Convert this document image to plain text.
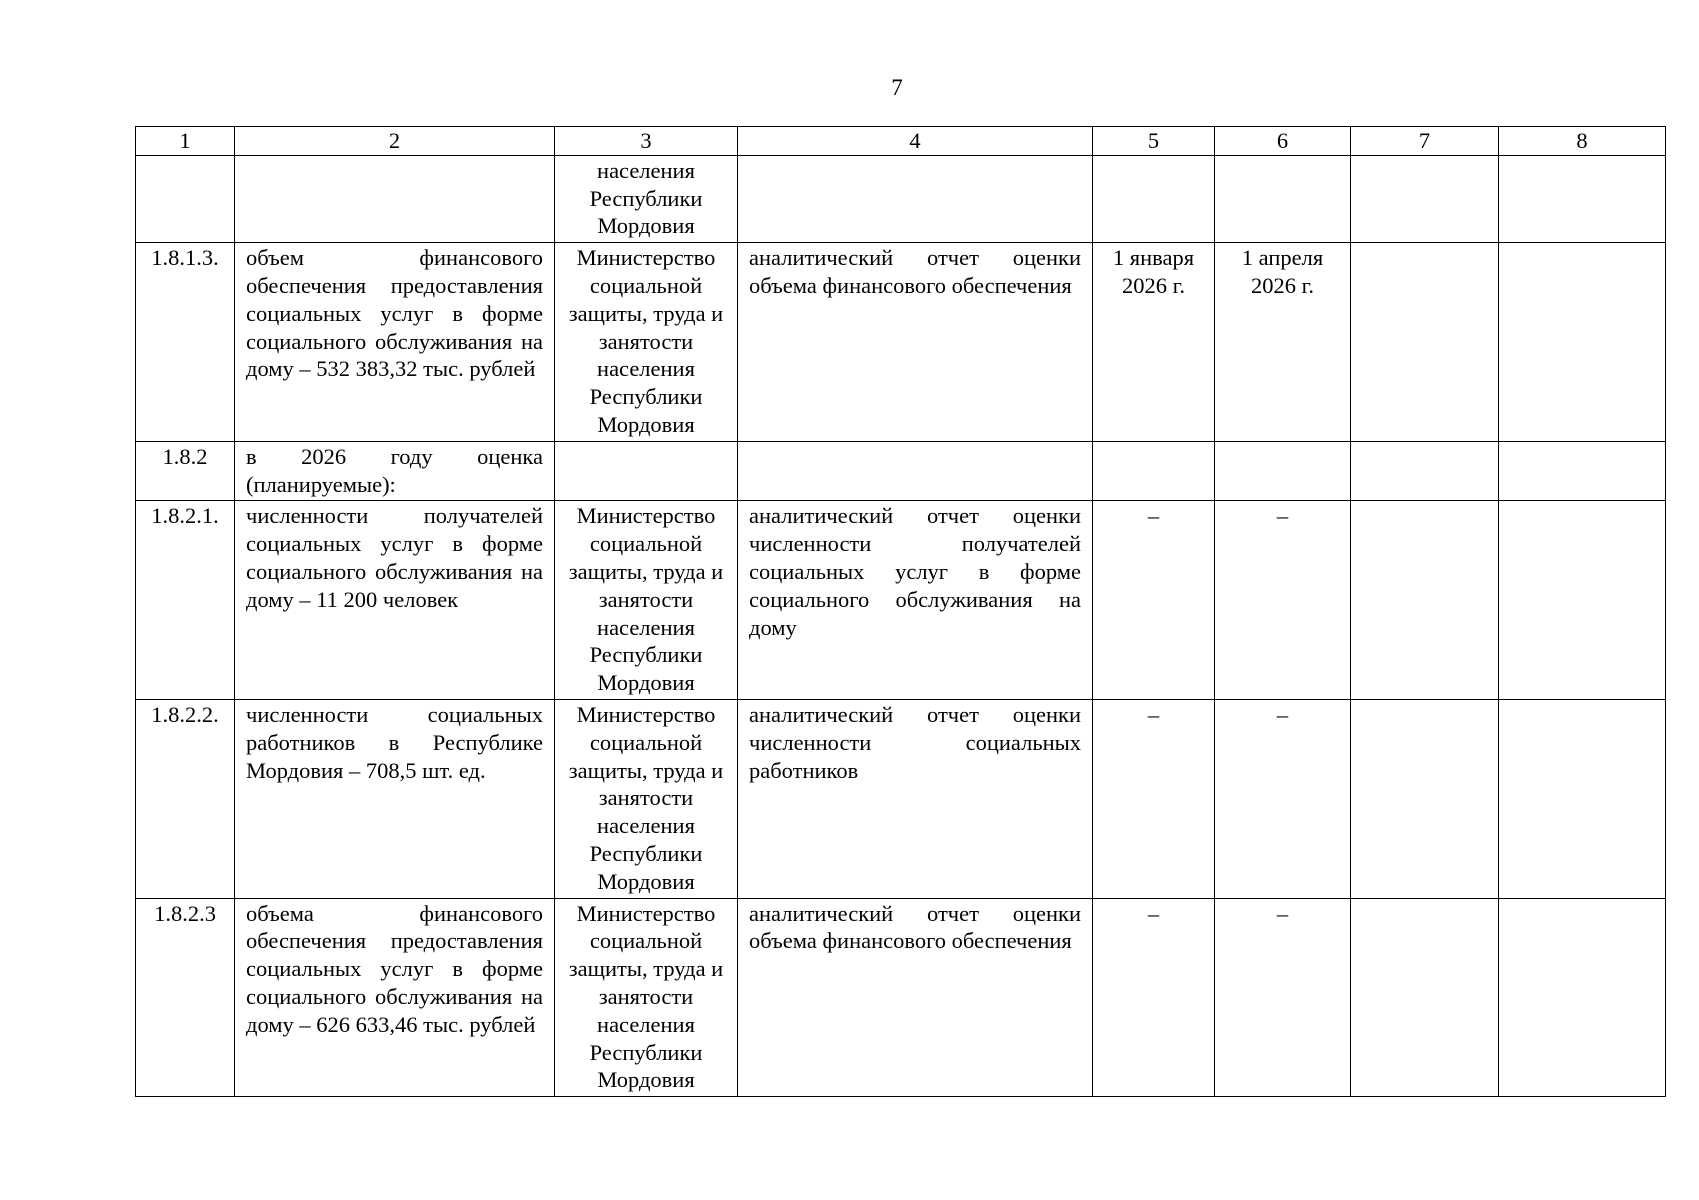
7
1	2	3	4	5	6	7	8
		населения Республики Мордовия					
1.8.1.3.	объем финансового обеспечения предоставления социальных услуг в форме социального обслуживания на дому – 532 383,32 тыс. рублей	Министерство социальной защиты, труда и занятости населения Республики Мордовия	аналитический отчет оценки объема финансового обеспечения	1 января 2026 г.	1 апреля 2026 г.		
1.8.2	в 2026 году оценка (планируемые):						
1.8.2.1.	численности получателей социальных услуг в форме социального обслуживания на дому – 11 200 человек	Министерство социальной защиты, труда и занятости населения Республики Мордовия	аналитический отчет оценки численности получателей социальных услуг в форме социального обслуживания на дому	–	–		
1.8.2.2.	численности социальных работников в Республике Мордовия – 708,5 шт. ед.	Министерство социальной защиты, труда и занятости населения Республики Мордовия	аналитический отчет оценки численности социальных работников	–	–		
1.8.2.3	объема финансового обеспечения предоставления социальных услуг в форме социального обслуживания на дому – 626 633,46 тыс. рублей	Министерство социальной защиты, труда и занятости населения Республики Мордовия	аналитический отчет оценки объема финансового обеспечения	–	–		
